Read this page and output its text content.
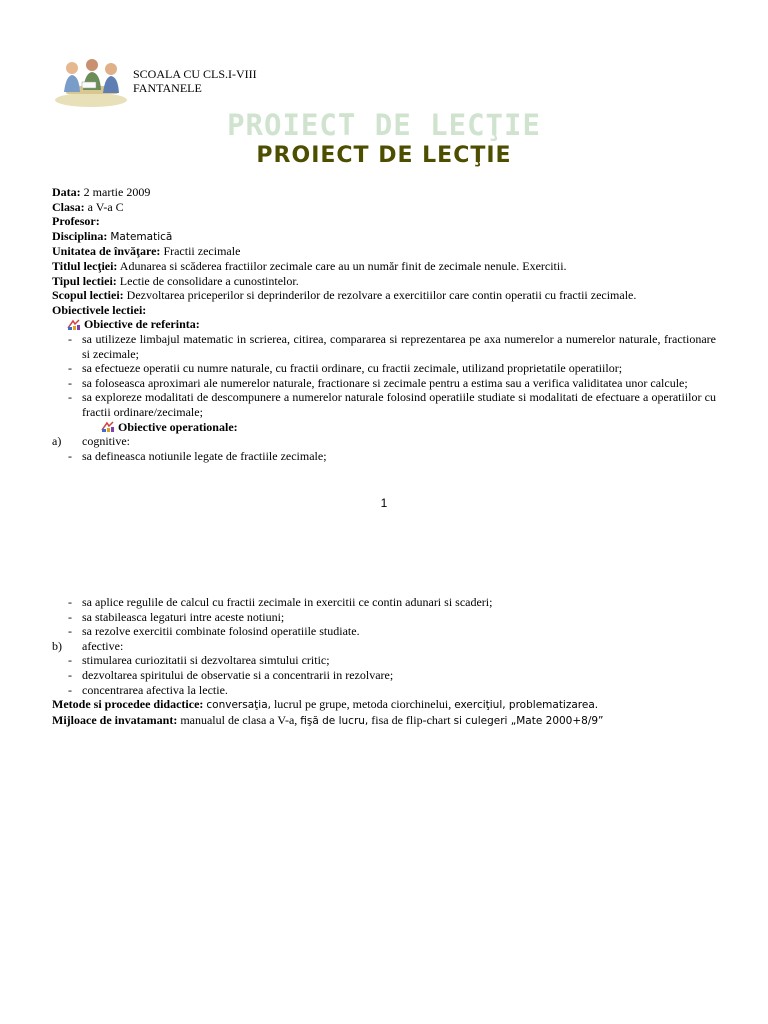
SCOALA CU CLS.I-VIII
FANTANELE
PROIECT DE LECŢIE
PROIECT DE LECŢIE
Data: 2 martie 2009
Clasa: a V-a C
Profesor:
Disciplina: Matematică
Unitatea de învăţare: Fractii zecimale
Titlul lecţiei: Adunarea si scăderea fractiilor zecimale care au un număr finit de zecimale nenule. Exercitii.
Tipul lectiei: Lectie de consolidare a cunostintelor.
Scopul lectiei: Dezvoltarea priceperilor si deprinderilor de rezolvare a exercitiilor care contin operatii cu fractii zecimale.
Obiectivele lectiei:
Obiective de referinta:
- sa utilizeze limbajul matematic in scrierea, citirea, compararea si reprezentarea pe axa numerelor a numerelor naturale, fractionare si zecimale;
- sa efectueze operatii cu numre naturale, cu fractii ordinare, cu fractii zecimale, utilizand proprietatile operatiilor;
- sa foloseasca aproximari ale numerelor naturale, fractionare si zecimale pentru a estima sau a verifica validitatea unor calcule;
- sa exploreze modalitati de descompunere a numerelor naturale folosind operatiile studiate si modalitati de efectuare a operatiilor cu fractii ordinare/zecimale;
Obiective operationale:
a)	cognitive:
- sa defineasca notiunile legate de fractiile zecimale;
1
- sa aplice regulile de calcul cu fractii zecimale in exercitii ce contin adunari si scaderi;
- sa stabileasca legaturi intre aceste notiuni;
- sa rezolve exercitii combinate folosind operatiile studiate.
b)	afective:
- stimularea curiozitatii si dezvoltarea simtului critic;
- dezvoltarea spiritului de observatie si a concentrarii in rezolvare;
- concentrarea afectiva la lectie.
Metode si procedee didactice: conversaţia, lucrul pe grupe, metoda ciorchinelui, exerciţiul, problematizarea.
Mijloace de invatamant: manualul de clasa a V-a, fişă de lucru, fisa de flip-chart si culegeri „Mate 2000+8/9”
